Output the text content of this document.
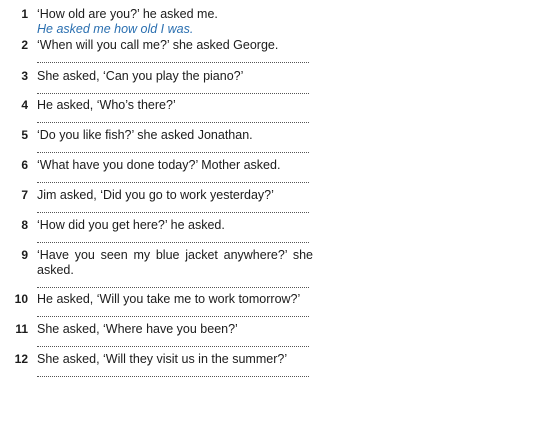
1 ‘How old are you?’ he asked me.
He asked me how old I was.
2 ‘When will you call me?’ she asked George.
3 She asked, ‘Can you play the piano?’
4 He asked, ‘Who’s there?’
5 ‘Do you like fish?’ she asked Jonathan.
6 ‘What have you done today?’ Mother asked.
7 Jim asked, ‘Did you go to work yesterday?’
8 ‘How did you get here?’ he asked.
9 ‘Have you seen my blue jacket anywhere?’ she asked.
10 He asked, ‘Will you take me to work tomorrow?’
11 She asked, ‘Where have you been?’
12 She asked, ‘Will they visit us in the summer?’
